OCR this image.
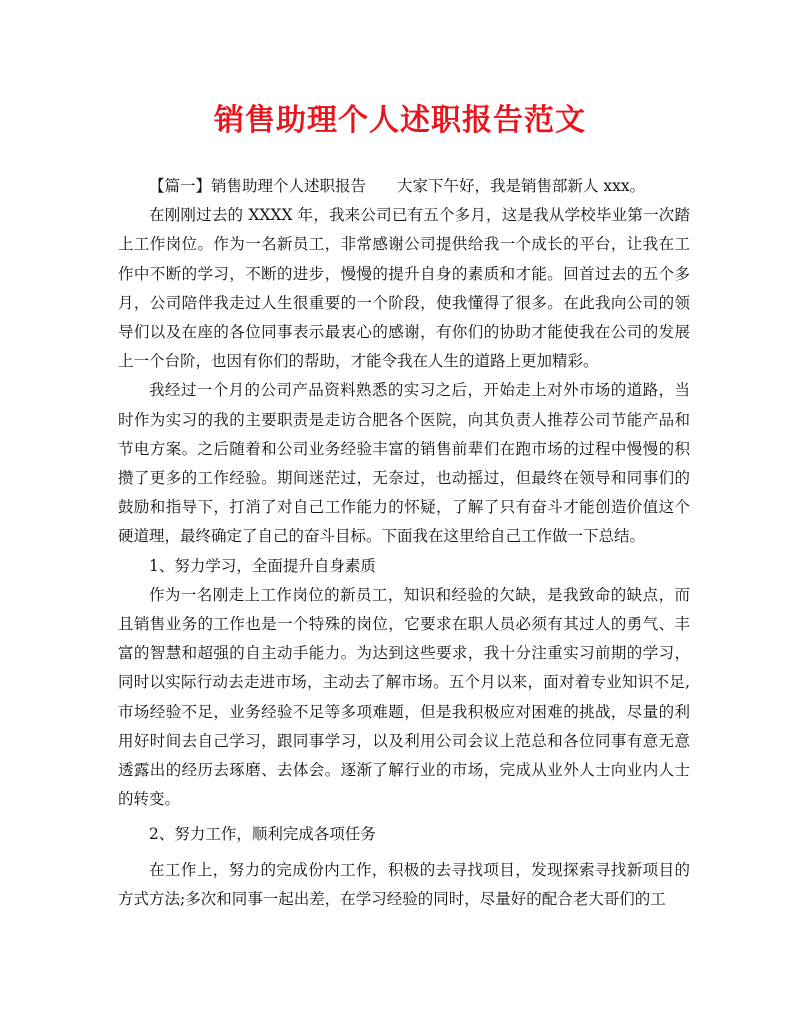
销售助理个人述职报告范文

【篇一】销售助理个人述职报告　　大家下午好，我是销售部新人 xxx。

在刚刚过去的 XXXX 年，我来公司已有五个多月，这是我从学校毕业第一次踏上工作岗位。作为一名新员工，非常感谢公司提供给我一个成长的平台，让我在工作中不断的学习，不断的进步，慢慢的提升自身的素质和才能。回首过去的五个多月，公司陪伴我走过人生很重要的一个阶段，使我懂得了很多。在此我向公司的领导们以及在座的各位同事表示最衷心的感谢，有你们的协助才能使我在公司的发展上一个台阶，也因有你们的帮助，才能令我在人生的道路上更加精彩。

我经过一个月的公司产品资料熟悉的实习之后，开始走上对外市场的道路，当时作为实习的我的主要职责是走访合肥各个医院，向其负责人推荐公司节能产品和节电方案。之后随着和公司业务经验丰富的销售前辈们在跑市场的过程中慢慢的积攒了更多的工作经验。期间迷茫过，无奈过，也动摇过，但最终在领导和同事们的鼓励和指导下，打消了对自己工作能力的怀疑，了解了只有奋斗才能创造价值这个硬道理，最终确定了自己的奋斗目标。下面我在这里给自己工作做一下总结。

1、努力学习，全面提升自身素质

作为一名刚走上工作岗位的新员工，知识和经验的欠缺，是我致命的缺点，而且销售业务的工作也是一个特殊的岗位，它要求在职人员必须有其过人的勇气、丰富的智慧和超强的自主动手能力。为达到这些要求，我十分注重实习前期的学习，同时以实际行动去走进市场，主动去了解市场。五个月以来，面对着专业知识不足,市场经验不足，业务经验不足等多项难题，但是我积极应对困难的挑战，尽量的利用好时间去自己学习，跟同事学习，以及利用公司会议上范总和各位同事有意无意透露出的经历去琢磨、去体会。逐渐了解行业的市场，完成从业外人士向业内人士的转变。

2、努力工作，顺利完成各项任务

在工作上，努力的完成份内工作，积极的去寻找项目，发现探索寻找新项目的方式方法;多次和同事一起出差，在学习经验的同时，尽量好的配合老大哥们的工
